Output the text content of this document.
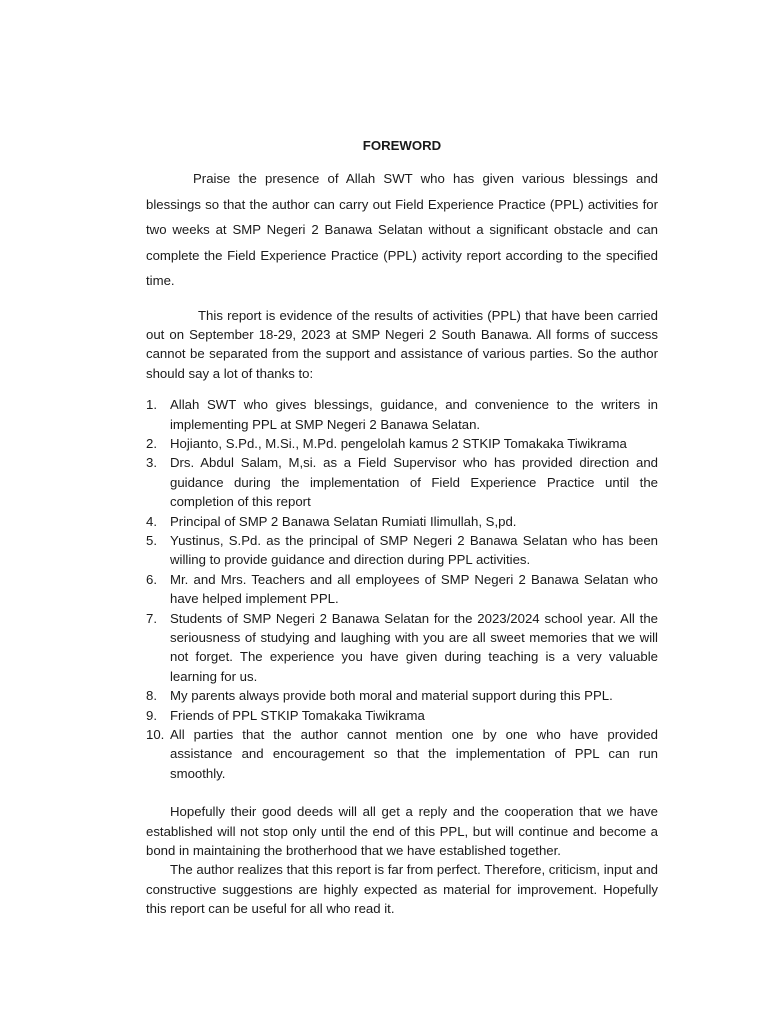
FOREWORD

Praise the presence of Allah SWT who has given various blessings and blessings so that the author can carry out Field Experience Practice (PPL) activities for two weeks at SMP Negeri 2 Banawa Selatan without a significant obstacle and can complete the Field Experience Practice (PPL) activity report according to the specified time.

This report is evidence of the results of activities (PPL) that have been carried out on September 18-29, 2023 at SMP Negeri 2 South Banawa. All forms of success cannot be separated from the support and assistance of various parties. So the author should say a lot of thanks to:

1. Allah SWT who gives blessings, guidance, and convenience to the writers in implementing PPL at SMP Negeri 2 Banawa Selatan.
2. Hojianto, S.Pd., M.Si., M.Pd. pengelolah kamus 2 STKIP Tomakaka Tiwikrama
3. Drs. Abdul Salam, M,si. as a Field Supervisor who has provided direction and guidance during the implementation of Field Experience Practice until the completion of this report
4. Principal of SMP 2 Banawa Selatan Rumiati Ilimullah, S,pd.
5. Yustinus, S.Pd. as the principal of SMP Negeri 2 Banawa Selatan who has been willing to provide guidance and direction during PPL activities.
6. Mr. and Mrs. Teachers and all employees of SMP Negeri 2 Banawa Selatan who have helped implement PPL.
7. Students of SMP Negeri 2 Banawa Selatan for the 2023/2024 school year. All the seriousness of studying and laughing with you are all sweet memories that we will not forget. The experience you have given during teaching is a very valuable learning for us.
8. My parents always provide both moral and material support during this PPL.
9. Friends of PPL STKIP Tomakaka Tiwikrama
10. All parties that the author cannot mention one by one who have provided assistance and encouragement so that the implementation of PPL can run smoothly.

Hopefully their good deeds will all get a reply and the cooperation that we have established will not stop only until the end of this PPL, but will continue and become a bond in maintaining the brotherhood that we have established together.

The author realizes that this report is far from perfect. Therefore, criticism, input and constructive suggestions are highly expected as material for improvement. Hopefully this report can be useful for all who read it.
